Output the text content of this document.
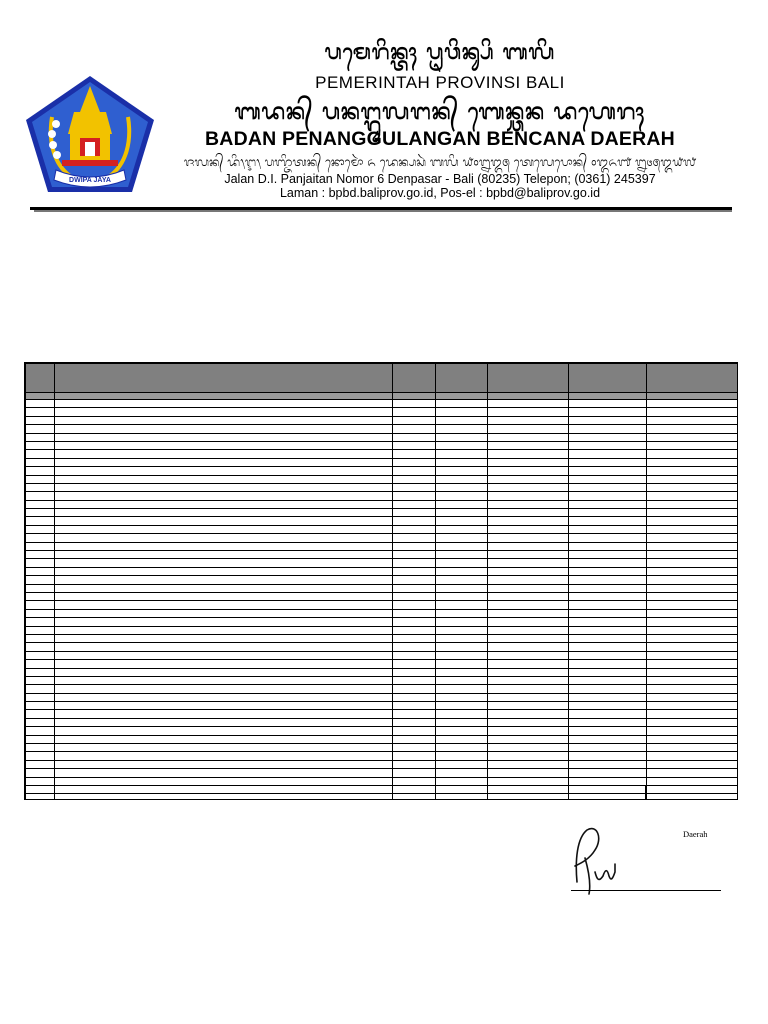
DWIPA JAYA
ᬧᬫᬾᬭᬶᬦ᭄ᬢᬄ ᬧᬺᬯᬶᬦ᭄ᬲᬶ ᬩᬮᬶ
PEMERINTAH PROVINSI BALI
ᬩᬤᬦ᭄ ᬧᬦᬗ᭄ᬕᬸᬮᬗᬦ᭄ ᬩᬾᬦ᭄ᬘᬦ ᬤᬳᬾᬭᬄ
BADAN PENANGGULANGAN BENCANA DAERAH
ᬚᬮᬦ᭄ ᬤᬶ᭞ᬇ᭞ ᬧᬜ᭄ᬚᬶᬢᬦ᭄ ᬦᭀᬫᭀᬃ ᭖ ᬤᬾᬦ᭄ᬧᬲᬃ ᬩᬮᬶ ᭙᭐᭒᭓᭕ ᬢᬾᬮᬾᬧᭀᬦ᭄ ᭐᭓᭖᭑ ᭒᭔᭕᭓᭙᭗
Jalan D.I. Panjaitan Nomor 6 Denpasar - Bali (80235) Telepon; (0361) 245397
Laman : bpbd.baliprov.go.id, Pos-el : bpbd@baliprov.go.id

Daerah
